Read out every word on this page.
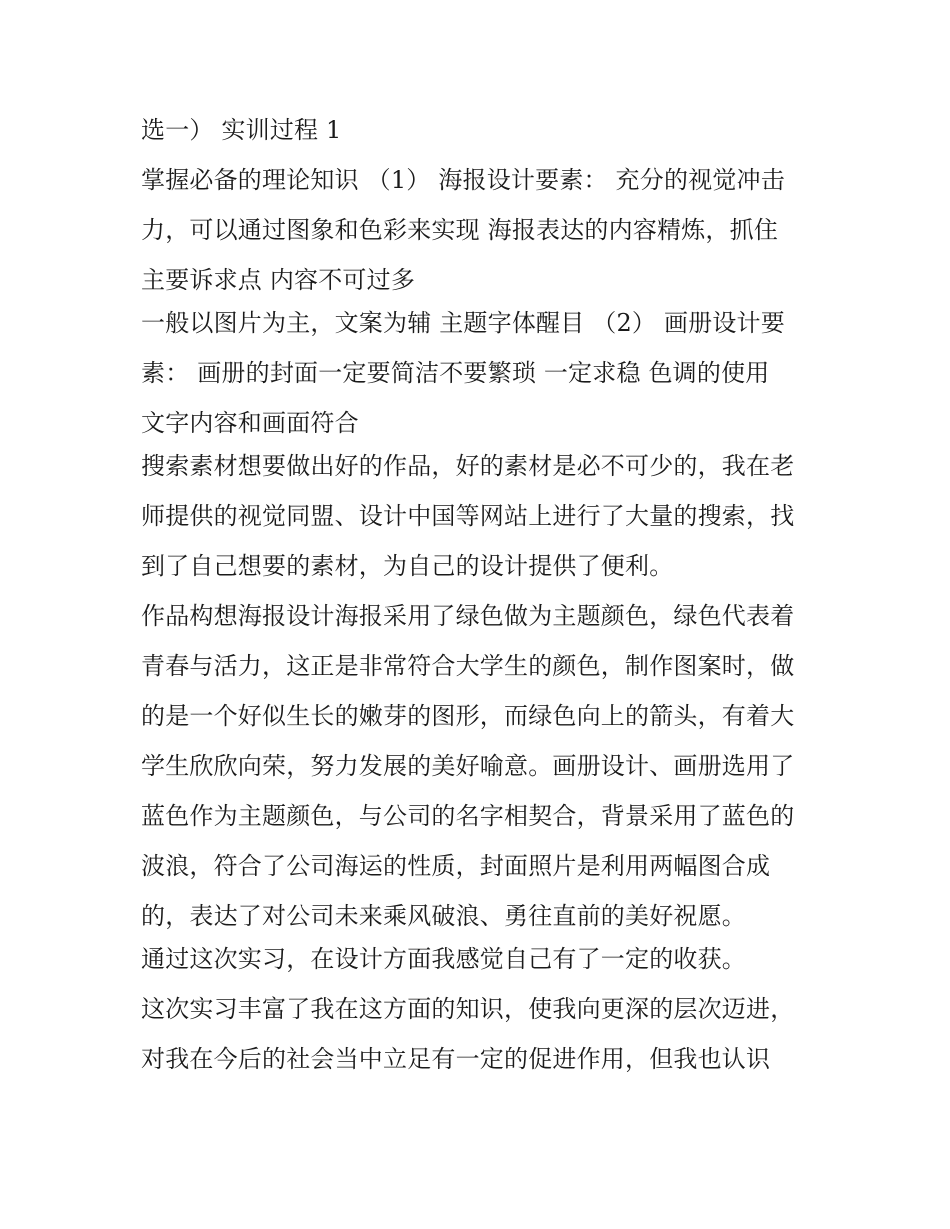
选一） 实训过程 1
掌握必备的理论知识 （1） 海报设计要素： 充分的视觉冲击
力，可以通过图象和色彩来实现 海报表达的内容精炼，抓住
主要诉求点 内容不可过多
一般以图片为主，文案为辅 主题字体醒目 （2） 画册设计要
素： 画册的封面一定要简洁不要繁琐 一定求稳 色调的使用
文字内容和画面符合
搜索素材想要做出好的作品，好的素材是必不可少的，我在老
师提供的视觉同盟、设计中国等网站上进行了大量的搜索，找
到了自己想要的素材，为自己的设计提供了便利。
作品构想海报设计海报采用了绿色做为主题颜色，绿色代表着
青春与活力，这正是非常符合大学生的颜色，制作图案时，做
的是一个好似生长的嫩芽的图形，而绿色向上的箭头，有着大
学生欣欣向荣，努力发展的美好喻意。画册设计、画册选用了
蓝色作为主题颜色，与公司的名字相契合，背景采用了蓝色的
波浪，符合了公司海运的性质，封面照片是利用两幅图合成
的，表达了对公司未来乘风破浪、勇往直前的美好祝愿。
通过这次实习，在设计方面我感觉自己有了一定的收获。
这次实习丰富了我在这方面的知识，使我向更深的层次迈进，
对我在今后的社会当中立足有一定的促进作用，但我也认识
